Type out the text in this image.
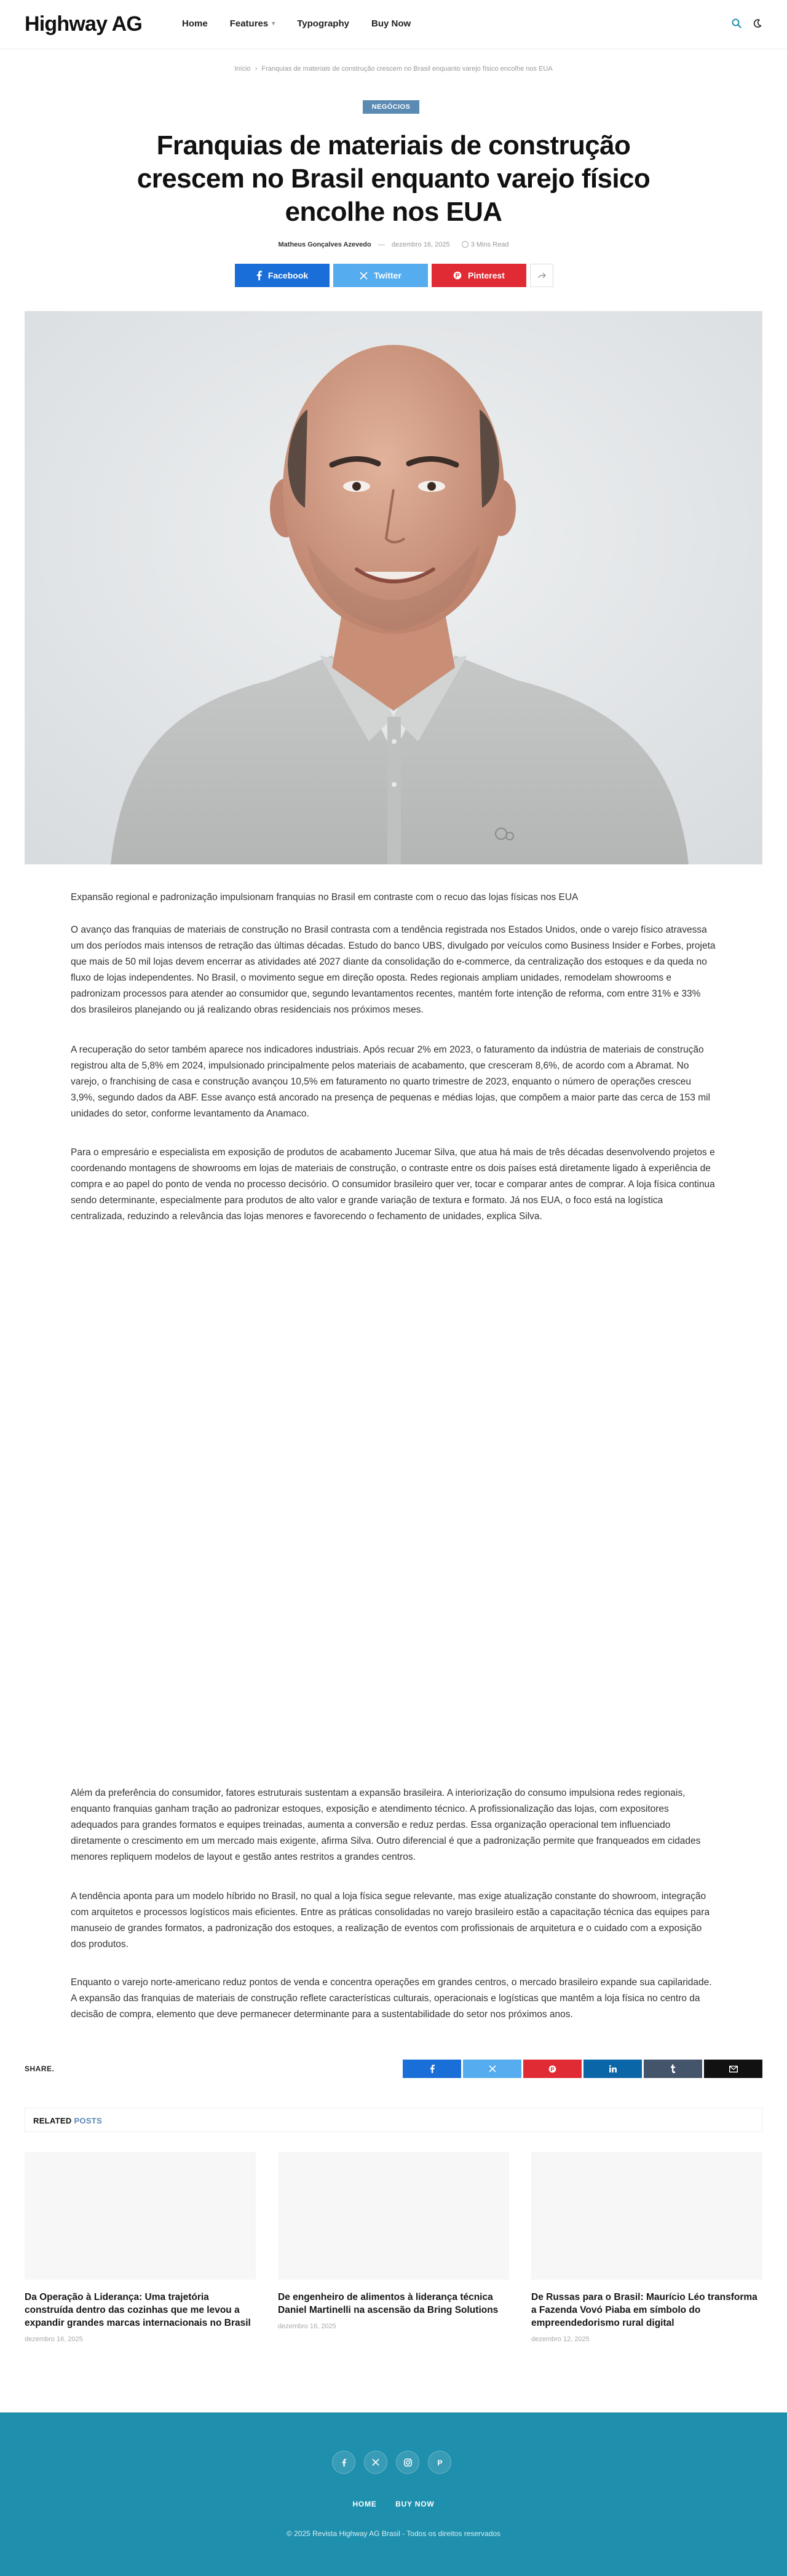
Highway AG	Home Features ▾ Typography Buy Now
Início › Franquias de materiais de construção crescem no Brasil enquanto varejo físico encolhe nos EUA
NEGÓCIOS
Franquias de materiais de construção crescem no Brasil enquanto varejo físico encolhe nos EUA
Matheus Gonçalves Azevedo — dezembro 16, 2025	3 Mins Read
Facebook	Twitter	P Pinterest

Expansão regional e padronização impulsionam franquias no Brasil em contraste com o recuo das lojas físicas nos EUA

O avanço das franquias de materiais de construção no Brasil contrasta com a tendência registrada nos Estados Unidos, onde o varejo físico atravessa um dos períodos mais intensos de retração das últimas décadas. Estudo do banco UBS, divulgado por veículos como Business Insider e Forbes, projeta que mais de 50 mil lojas devem encerrar as atividades até 2027 diante da consolidação do e-commerce, da centralização dos estoques e da queda no fluxo de lojas independentes. No Brasil, o movimento segue em direção oposta. Redes regionais ampliam unidades, remodelam showrooms e padronizam processos para atender ao consumidor que, segundo levantamentos recentes, mantém forte intenção de reforma, com entre 31% e 33% dos brasileiros planejando ou já realizando obras residenciais nos próximos meses.

A recuperação do setor também aparece nos indicadores industriais. Após recuar 2% em 2023, o faturamento da indústria de materiais de construção registrou alta de 5,8% em 2024, impulsionado principalmente pelos materiais de acabamento, que cresceram 8,6%, de acordo com a Abramat. No varejo, o franchising de casa e construção avançou 10,5% em faturamento no quarto trimestre de 2023, enquanto o número de operações cresceu 3,9%, segundo dados da ABF. Esse avanço está ancorado na presença de pequenas e médias lojas, que compõem a maior parte das cerca de 153 mil unidades do setor, conforme levantamento da Anamaco.

Para o empresário e especialista em exposição de produtos de acabamento Jucemar Silva, que atua há mais de três décadas desenvolvendo projetos e coordenando montagens de showrooms em lojas de materiais de construção, o contraste entre os dois países está diretamente ligado à experiência de compra e ao papel do ponto de venda no processo decisório. O consumidor brasileiro quer ver, tocar e comparar antes de comprar. A loja física continua sendo determinante, especialmente para produtos de alto valor e grande variação de textura e formato. Já nos EUA, o foco está na logística centralizada, reduzindo a relevância das lojas menores e favorecendo o fechamento de unidades, explica Silva.

Além da preferência do consumidor, fatores estruturais sustentam a expansão brasileira. A interiorização do consumo impulsiona redes regionais, enquanto franquias ganham tração ao padronizar estoques, exposição e atendimento técnico. A profissionalização das lojas, com expositores adequados para grandes formatos e equipes treinadas, aumenta a conversão e reduz perdas. Essa organização operacional tem influenciado diretamente o crescimento em um mercado mais exigente, afirma Silva. Outro diferencial é que a padronização permite que franqueados em cidades menores repliquem modelos de layout e gestão antes restritos a grandes centros.

A tendência aponta para um modelo híbrido no Brasil, no qual a loja física segue relevante, mas exige atualização constante do showroom, integração com arquitetos e processos logísticos mais eficientes. Entre as práticas consolidadas no varejo brasileiro estão a capacitação técnica das equipes para manuseio de grandes formatos, a padronização dos estoques, a realização de eventos com profissionais de arquitetura e o cuidado com a exposição dos produtos.

Enquanto o varejo norte-americano reduz pontos de venda e concentra operações em grandes centros, o mercado brasileiro expande sua capilaridade. A expansão das franquias de materiais de construção reflete características culturais, operacionais e logísticas que mantêm a loja física no centro da decisão de compra, elemento que deve permanecer determinante para a sustentabilidade do setor nos próximos anos.

SHARE.	P
RELATED POSTS
Da Operação à Liderança: Uma trajetória construída dentro das cozinhas que me levou a expandir grandes marcas internacionais no Brasil
dezembro 16, 2025
De engenheiro de alimentos à liderança técnica Daniel Martinelli na ascensão da Bring Solutions
dezembro 16, 2025
De Russas para o Brasil: Maurício Léo transforma a Fazenda Vovó Piaba em símbolo do empreendedorismo rural digital
dezembro 12, 2025
P
HOME	BUY NOW
© 2025 Revista Highway AG Brasil - Todos os direitos reservados
